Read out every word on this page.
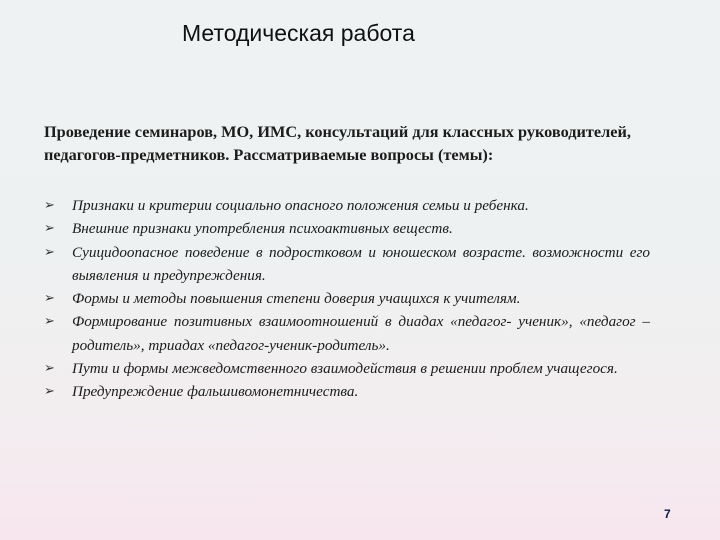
Методическая работа
Проведение семинаров, МО, ИМС, консультаций для классных руководителей, педагогов-предметников. Рассматриваемые вопросы (темы):
➢ Признаки и критерии социально опасного положения семьи и ребенка.
➢ Внешние признаки употребления психоактивных веществ.
➢ Суицидоопасное поведение в подростковом и юношеском возрасте. возможности его выявления и предупреждения.
➢ Формы и методы повышения степени доверия учащихся к учителям.
➢ Формирование позитивных взаимоотношений в диадах «педагог- ученик», «педагог – родитель», триадах «педагог-ученик-родитель».
➢ Пути и формы межведомственного взаимодействия в решении проблем учащегося.
➢ Предупреждение фальшивомонетничества.
7
